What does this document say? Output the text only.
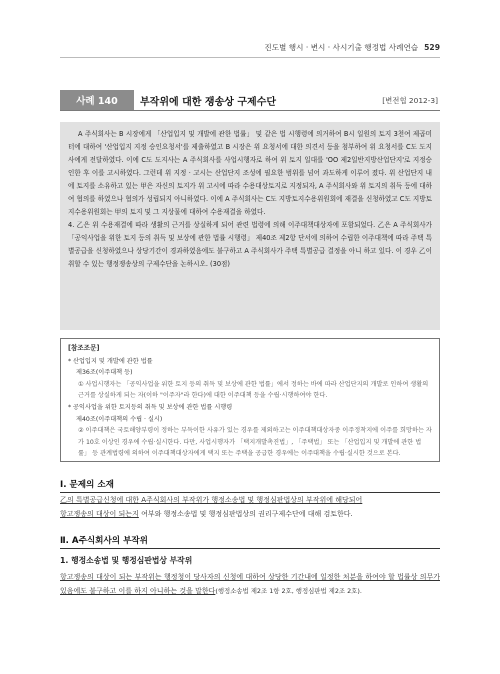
진도별 행시 · 변시 · 사시기출 행정법 사례연습 529
사례 140	부작위에 대한 쟁송상 구제수단	[변전협 2012-3]

A 주식회사는 B 시장에게 「산업입지 및 개발에 관한 법률」 및 같은 법 시행령에 의거하여 B시 일원의 토지 3천여 제곱미터에 대하여 '산업입지 지정 승인요청서'를 제출하였고 B 시장은 위 요청서에 대한 의견서 등을 첨부하여 위 요청서를 C도 도지사에게 전달하였다. 이에 C도 도지사는 A 주식회사를 사업시행자로 하여 위 토지 일대를 'OO 제2일반지방산업단지'로 지정승인한 후 이를 고시하였다. 그런데 위 지정 · 고시는 산업단지 조성에 필요한 범위를 넘어 과도하게 이루어 졌다. 위 산업단지 내에 토지를 소유하고 있는 甲은 자신의 토지가 위 고시에 따라 수용대상토지로 지정되자, A 주식회사와 위 토지의 취득 등에 대하여 협의를 하였으나 협의가 성립되지 아니하였다. 이에 A 주식회사는 C도 지방토지수용위원회에 재결을 신청하였고 C도 지방토지수용위원회는 甲의 토지 및 그 지상물에 대하여 수용재결을 하였다.

4. 乙은 위 수용재결에 따라 생활의 근거를 상실하게 되어 관련 법령에 의해 이주대책대상자에 포함되었다. 乙은 A 주식회사가 「공익사업을 위한 토지 등의 취득 및 보상에 관한 법률 시행령」 제40조 제2항 단서에 의하여 수립한 이주대책에 따라 주택 특별공급을 신청하였으나 상당기간이 경과하였음에도 불구하고 A 주식회사가 주택 특별공급 결정을 아니 하고 있다. 이 경우 乙이 취할 수 있는 행정쟁송상의 구제수단을 논하시오. (30점)

[참조조문]
* 산업입지 및 개발에 관한 법률
제36조(이주대책 등)
① 사업시행자는 「공익사업을 위한 토지 등의 취득 및 보상에 관한 법률」에서 정하는 바에 따라 산업단지의 개발로 인하여 생활의 근거를 상실하게 되는 자(이하 "이주자"라 한다)에 대한 이주대책 등을 수립·시행하여야 한다.
* 공익사업을 위한 토지등의 취득 및 보상에 관한 법률 시행령
제40조(이주대책의 수립 · 실시)
② 이주대책은 국토해양부령이 정하는 부득이한 사유가 있는 경우를 제외하고는 이주대책대상자중 이주정착지에 이주를 희망하는 자가 10호 이상인 경우에 수립·실시한다. 다만, 사업시행자가 「택지개발촉진법」, 「주택법」 또는 「산업입지 및 개발에 관한 법률」 등 관계법령에 의하여 이주대책대상자에게 택지 또는 주택을 공급한 경우에는 이주대책을 수립·실시한 것으로 본다.
Ⅰ. 문제의 소재
乙의 특별공급신청에 대한 A주식회사의 부작위가 행정소송법 및 행정심판법상의 부작위에 해당되어
항고쟁송의 대상이 되는지 여부와 행정소송법 및 행정심판법상의 권리구제수단에 대해 검토한다.
Ⅱ. A주식회사의 부작위
1. 행정소송법 및 행정심판법상 부작위
항고쟁송의 대상이 되는 부작위는 행정청이 당사자의 신청에 대하여 상당한 기간내에 일정한 처분을 하여야 할 법률상 의무가 있음에도 불구하고 이를 하지 아니하는 것을 말한다(행정소송법 제2조 1항 2호, 행정심판법 제2조 2호).
